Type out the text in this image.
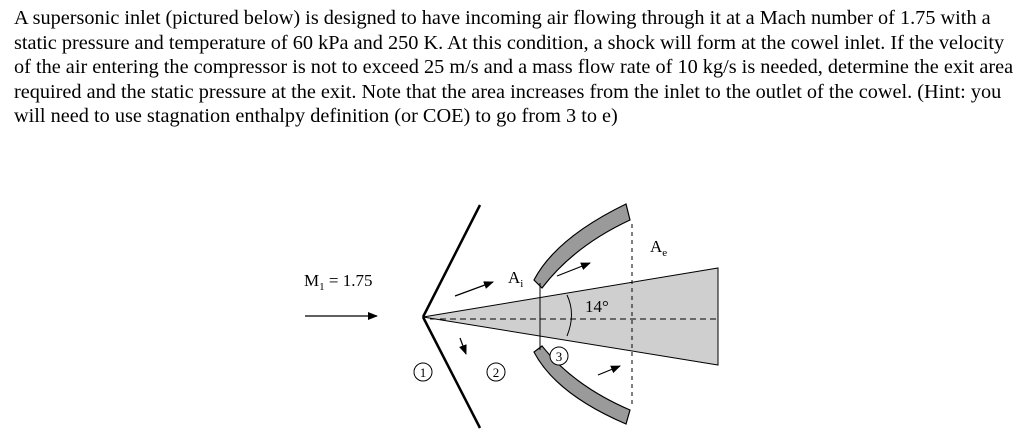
A supersonic inlet (pictured below) is designed to have incoming air flowing through it at a Mach number of 1.75 with a static pressure and temperature of 60 kPa and 250 K. At this condition, a shock will form at the cowel inlet. If the velocity of the air entering the compressor is not to exceed 25 m/s and a mass flow rate of 10 kg/s is needed, determine the exit area required and the static pressure at the exit. Note that the area increases from the inlet to the outlet of the cowel. (Hint: you will need to use stagnation enthalpy definition (or COE) to go from 3 to e)

$M_1 = 1.75$	$A_i$
$A_e$
14°
1	2
3
